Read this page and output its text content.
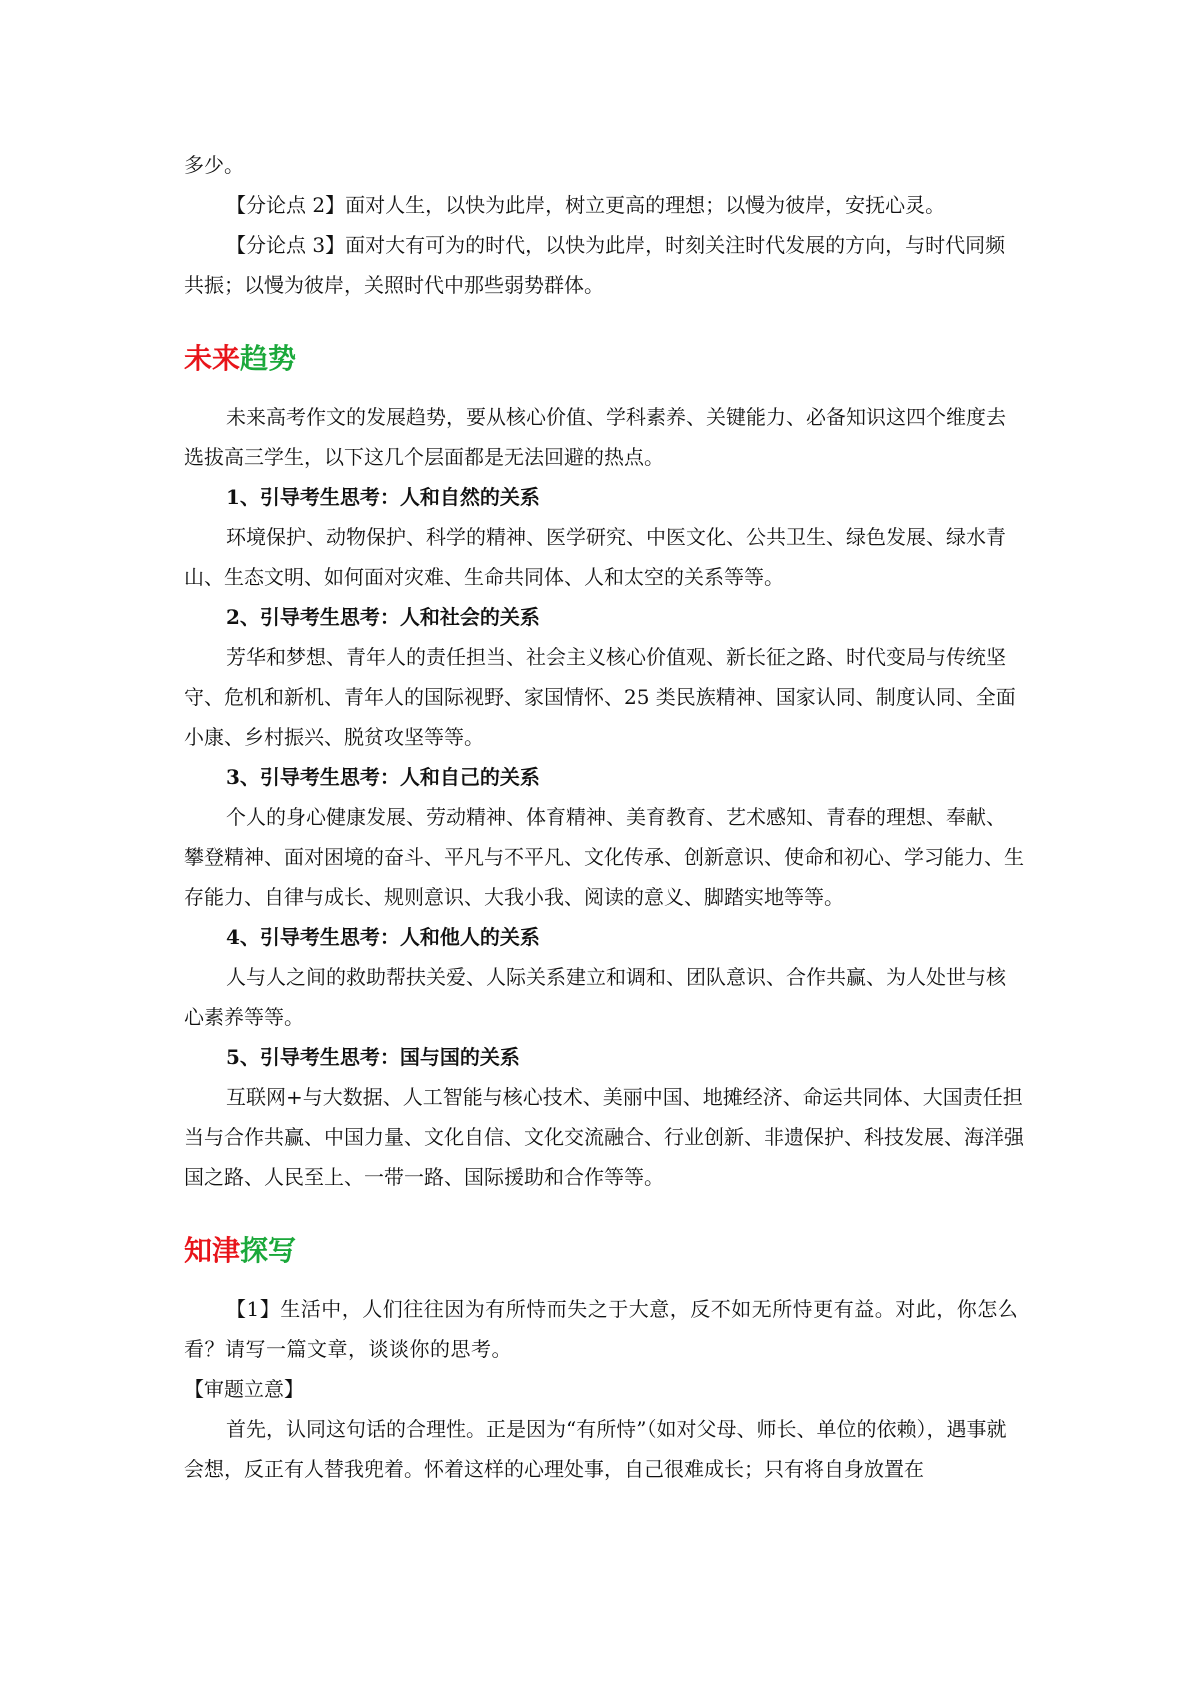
多少。

【分论点 2】面对人生，以快为此岸，树立更高的理想；以慢为彼岸，安抚心灵。

【分论点 3】面对大有可为的时代，以快为此岸，时刻关注时代发展的方向，与时代同频共振；以慢为彼岸，关照时代中那些弱势群体。

未来趋势

未来高考作文的发展趋势，要从核心价值、学科素养、关键能力、必备知识这四个维度去选拔高三学生，以下这几个层面都是无法回避的热点。

1、引导考生思考：人和自然的关系

环境保护、动物保护、科学的精神、医学研究、中医文化、公共卫生、绿色发展、绿水青山、生态文明、如何面对灾难、生命共同体、人和太空的关系等等。

2、引导考生思考：人和社会的关系

芳华和梦想、青年人的责任担当、社会主义核心价值观、新长征之路、时代变局与传统坚守、危机和新机、青年人的国际视野、家国情怀、25 类民族精神、国家认同、制度认同、全面小康、乡村振兴、脱贫攻坚等等。

3、引导考生思考：人和自己的关系

个人的身心健康发展、劳动精神、体育精神、美育教育、艺术感知、青春的理想、奉献、攀登精神、面对困境的奋斗、平凡与不平凡、文化传承、创新意识、使命和初心、学习能力、生存能力、自律与成长、规则意识、大我小我、阅读的意义、脚踏实地等等。

4、引导考生思考：人和他人的关系

人与人之间的救助帮扶关爱、人际关系建立和调和、团队意识、合作共赢、为人处世与核心素养等等。

5、引导考生思考：国与国的关系

互联网+与大数据、人工智能与核心技术、美丽中国、地摊经济、命运共同体、大国责任担当与合作共赢、中国力量、文化自信、文化交流融合、行业创新、非遗保护、科技发展、海洋强国之路、人民至上、一带一路、国际援助和合作等等。

知津探写

【1】生活中，人们往往因为有所恃而失之于大意，反不如无所恃更有益。对此，你怎么看？请写一篇文章，谈谈你的思考。

【审题立意】

首先，认同这句话的合理性。正是因为“有所恃”（如对父母、师长、单位的依赖），遇事就会想，反正有人替我兜着。怀着这样的心理处事，自己很难成长；只有将自身放置在
